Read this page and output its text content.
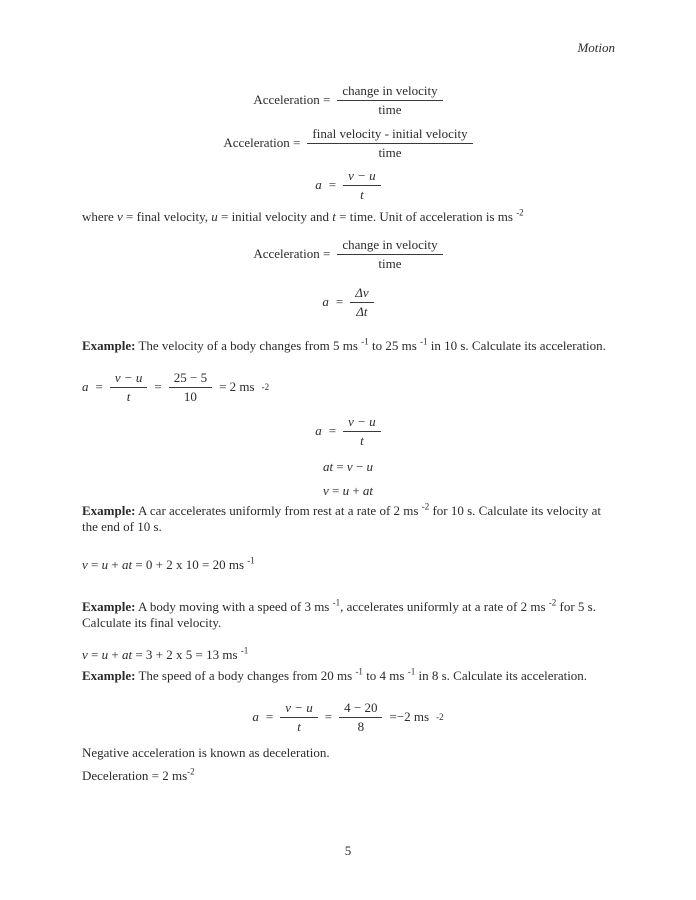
Motion
Acceleration = $\frac{\text{change in velocity}}{\text{time}}$
Acceleration = $\frac{\text{final velocity - initial velocity}}{\text{time}}$
$a = \frac{v - u}{t}$
where v = final velocity, u = initial velocity and t = time. Unit of acceleration is ms $^{-2}$
Acceleration = $\frac{\text{change in velocity}}{\text{time}}$
$a = \frac{\Delta v}{\Delta t}$
Example: The velocity of a body changes from 5 ms $^{-1}$ to 25 ms $^{-1}$ in 10 s. Calculate its acceleration.
$a = \frac{v - u}{t} = \frac{25 - 5}{10} = 2$ ms -2
$a = \frac{v - u}{t}$
at = v − u
v = u + at
Example: A car accelerates uniformly from rest at a rate of 2 ms $^{-2}$ for 10 s. Calculate its velocity at the end of 10 s.
v = u + at = 0 + 2 x 10 = 20 ms $^{-1}$
Example: A body moving with a speed of 3 ms $^{-1}$, accelerates uniformly at a rate of 2 ms $^{-2}$ for 5 s. Calculate its final velocity.
v = u + at = 3 + 2 x 5 = 13 ms $^{-1}$
Example: The speed of a body changes from 20 ms $^{-1}$ to 4 ms $^{-1}$ in 8 s. Calculate its acceleration.
$a = \frac{v - u}{t} = \frac{4 - 20}{8} =-2$ ms -2
Negative acceleration is known as deceleration.
Deceleration = 2 $ms^{-2}$
5
